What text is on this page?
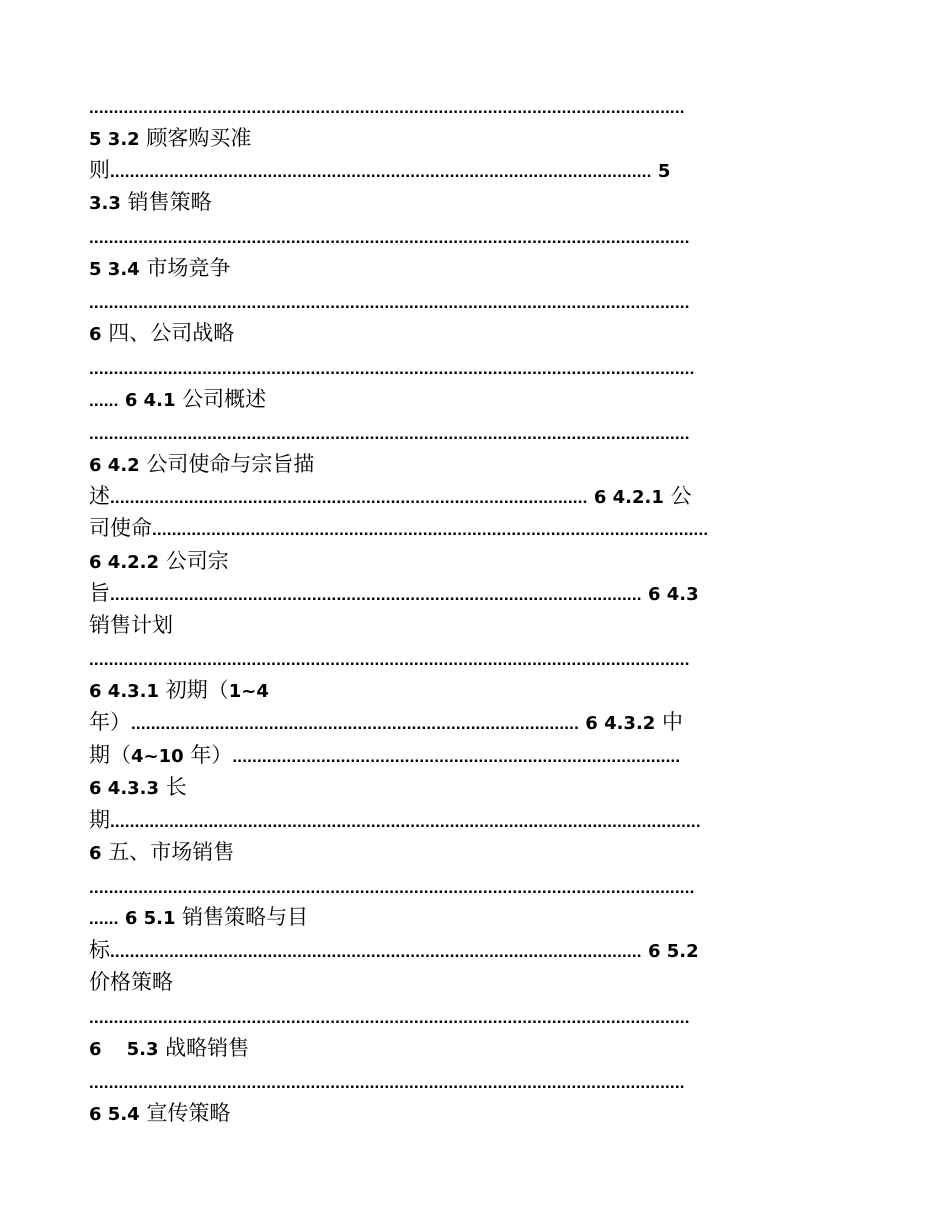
.........................................................................................................................
5 3.2 顾客购买准
则.............................................................................................................. 5
3.3 销售策略
..........................................................................................................................
5 3.4 市场竞争
..........................................................................................................................
6 四、公司战略
...........................................................................................................................
...... 6 4.1 公司概述
..........................................................................................................................
6 4.2 公司使命与宗旨描
述................................................................................................. 6 4.2.1 公
司使命.................................................................................................................
6 4.2.2 公司宗
旨............................................................................................................ 6 4.3
销售计划
..........................................................................................................................
6 4.3.1 初期（1~4
年）........................................................................................... 6 4.3.2 中
期（4~10 年）...........................................................................................
6 4.3.3 长
期........................................................................................................................
6 五、市场销售
...........................................................................................................................
...... 6 5.1 销售策略与目
标............................................................................................................ 6 5.2
价格策略
..........................................................................................................................
6    5.3 战略销售
.........................................................................................................................
6 5.4 宣传策略
